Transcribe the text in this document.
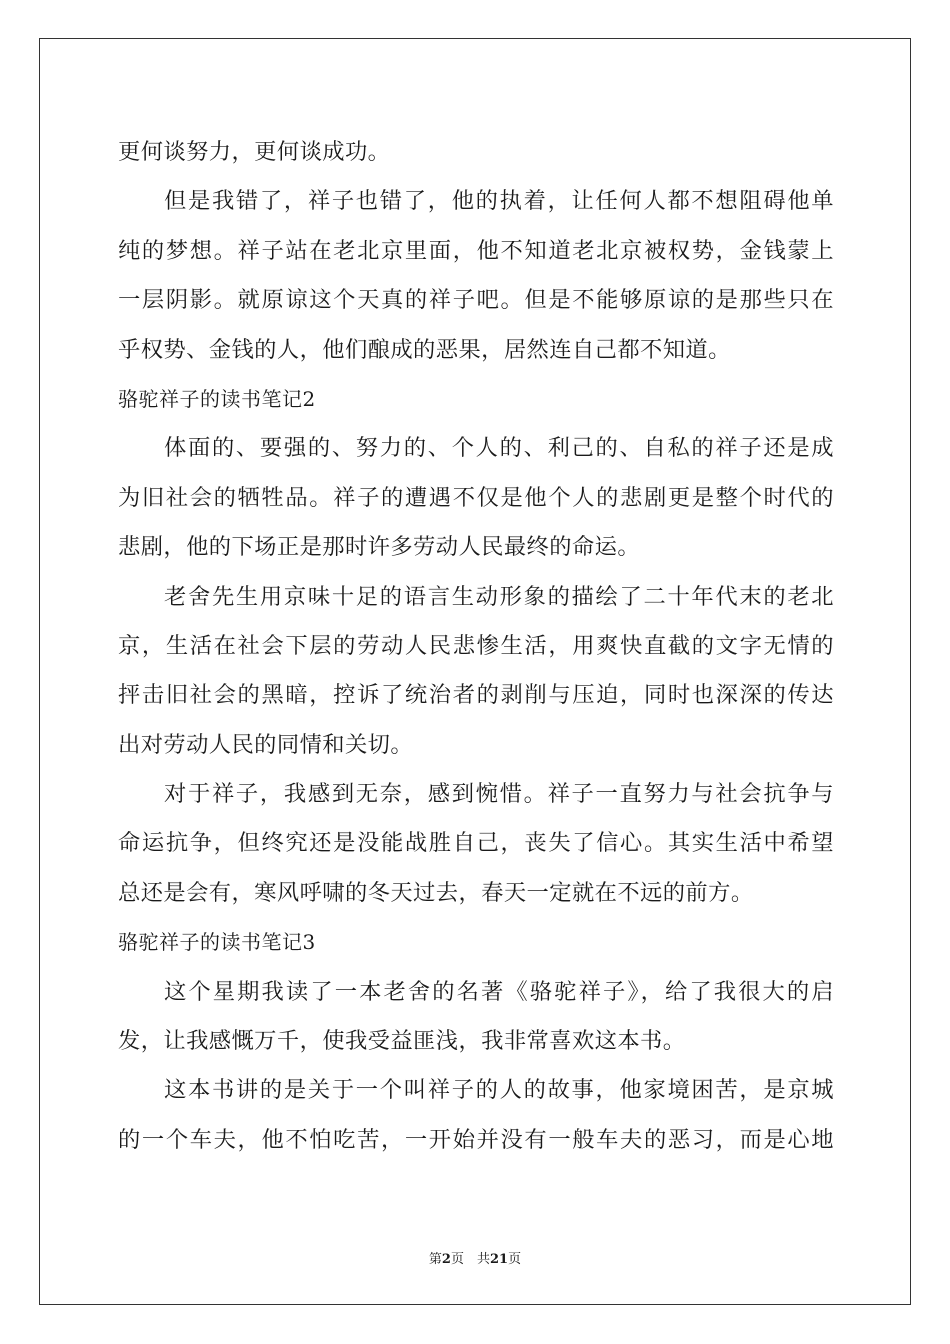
更何谈努力，更何谈成功。
但是我错了，祥子也错了，他的执着，让任何人都不想阻碍他单
纯的梦想。祥子站在老北京里面，他不知道老北京被权势，金钱蒙上
一层阴影。就原谅这个天真的祥子吧。但是不能够原谅的是那些只在
乎权势、金钱的人，他们酿成的恶果，居然连自己都不知道。
骆驼祥子的读书笔记2
体面的、要强的、努力的、个人的、利己的、自私的祥子还是成
为旧社会的牺牲品。祥子的遭遇不仅是他个人的悲剧更是整个时代的
悲剧，他的下场正是那时许多劳动人民最终的命运。
老舍先生用京味十足的语言生动形象的描绘了二十年代末的老北
京，生活在社会下层的劳动人民悲惨生活，用爽快直截的文字无情的
抨击旧社会的黑暗，控诉了统治者的剥削与压迫，同时也深深的传达
出对劳动人民的同情和关切。
对于祥子，我感到无奈，感到惋惜。祥子一直努力与社会抗争与
命运抗争，但终究还是没能战胜自己，丧失了信心。其实生活中希望
总还是会有，寒风呼啸的冬天过去，春天一定就在不远的前方。
骆驼祥子的读书笔记3
这个星期我读了一本老舍的名著《骆驼祥子》，给了我很大的启
发，让我感慨万千，使我受益匪浅，我非常喜欢这本书。
这本书讲的是关于一个叫祥子的人的故事，他家境困苦，是京城
的一个车夫，他不怕吃苦，一开始并没有一般车夫的恶习，而是心地
第2页　共21页
